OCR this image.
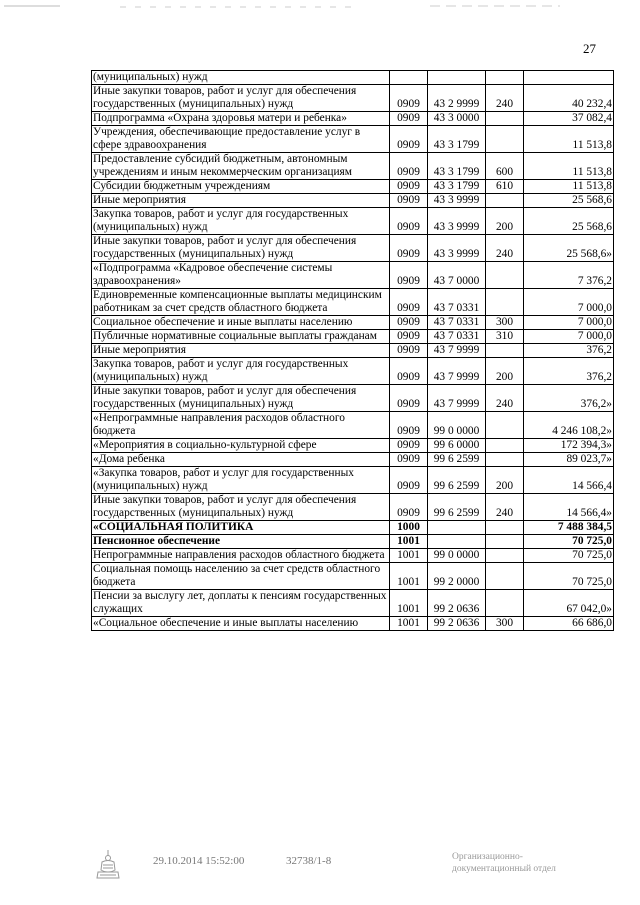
27
(муниципальных) нужд				
Иные закупки товаров, работ и услуг для обеспечения государственных (муниципальных) нужд	0909	43 2 9999	240	40 232,4
Подпрограмма «Охрана здоровья матери и ребенка»	0909	43 3 0000		37 082,4
Учреждения, обеспечивающие предоставление услуг в сфере здравоохранения	0909	43 3 1799		11 513,8
Предоставление субсидий бюджетным, автономным учреждениям и иным некоммерческим организациям	0909	43 3 1799	600	11 513,8
Субсидии бюджетным учреждениям	0909	43 3 1799	610	11 513,8
Иные мероприятия	0909	43 3 9999		25 568,6
Закупка товаров, работ и услуг для государственных (муниципальных) нужд	0909	43 3 9999	200	25 568,6
Иные закупки товаров, работ и услуг для обеспечения государственных (муниципальных) нужд	0909	43 3 9999	240	25 568,6»
«Подпрограмма «Кадровое обеспечение системы здравоохранения»	0909	43 7 0000		7 376,2
Единовременные компенсационные выплаты медицинским работникам за счет средств областного бюджета	0909	43 7 0331		7 000,0
Социальное обеспечение и иные выплаты населению	0909	43 7 0331	300	7 000,0
Публичные нормативные социальные выплаты гражданам	0909	43 7 0331	310	7 000,0
Иные мероприятия	0909	43 7 9999		376,2
Закупка товаров, работ и услуг для государственных (муниципальных) нужд	0909	43 7 9999	200	376,2
Иные закупки товаров, работ и услуг для обеспечения государственных (муниципальных) нужд	0909	43 7 9999	240	376,2»
«Непрограммные направления расходов областного бюджета	0909	99 0 0000		4 246 108,2»
«Мероприятия в социально-культурной сфере	0909	99 6 0000		172 394,3»
«Дома ребенка	0909	99 6 2599		89 023,7»
«Закупка товаров, работ и услуг для государственных (муниципальных) нужд	0909	99 6 2599	200	14 566,4
Иные закупки товаров, работ и услуг для обеспечения государственных (муниципальных) нужд	0909	99 6 2599	240	14 566,4»
«СОЦИАЛЬНАЯ ПОЛИТИКА	1000			7 488 384,5
Пенсионное обеспечение	1001			70 725,0
Непрограммные направления расходов областного бюджета	1001	99 0 0000		70 725,0
Социальная помощь населению за счет средств областного бюджета	1001	99 2 0000		70 725,0
Пенсии за выслугу лет, доплаты к пенсиям государственных служащих	1001	99 2 0636		67 042,0»
«Социальное обеспечение и иные выплаты населению	1001	99 2 0636	300	66 686,0
29.10.2014 15:52:00	32738/1-8	Организационно-
документационный отдел
